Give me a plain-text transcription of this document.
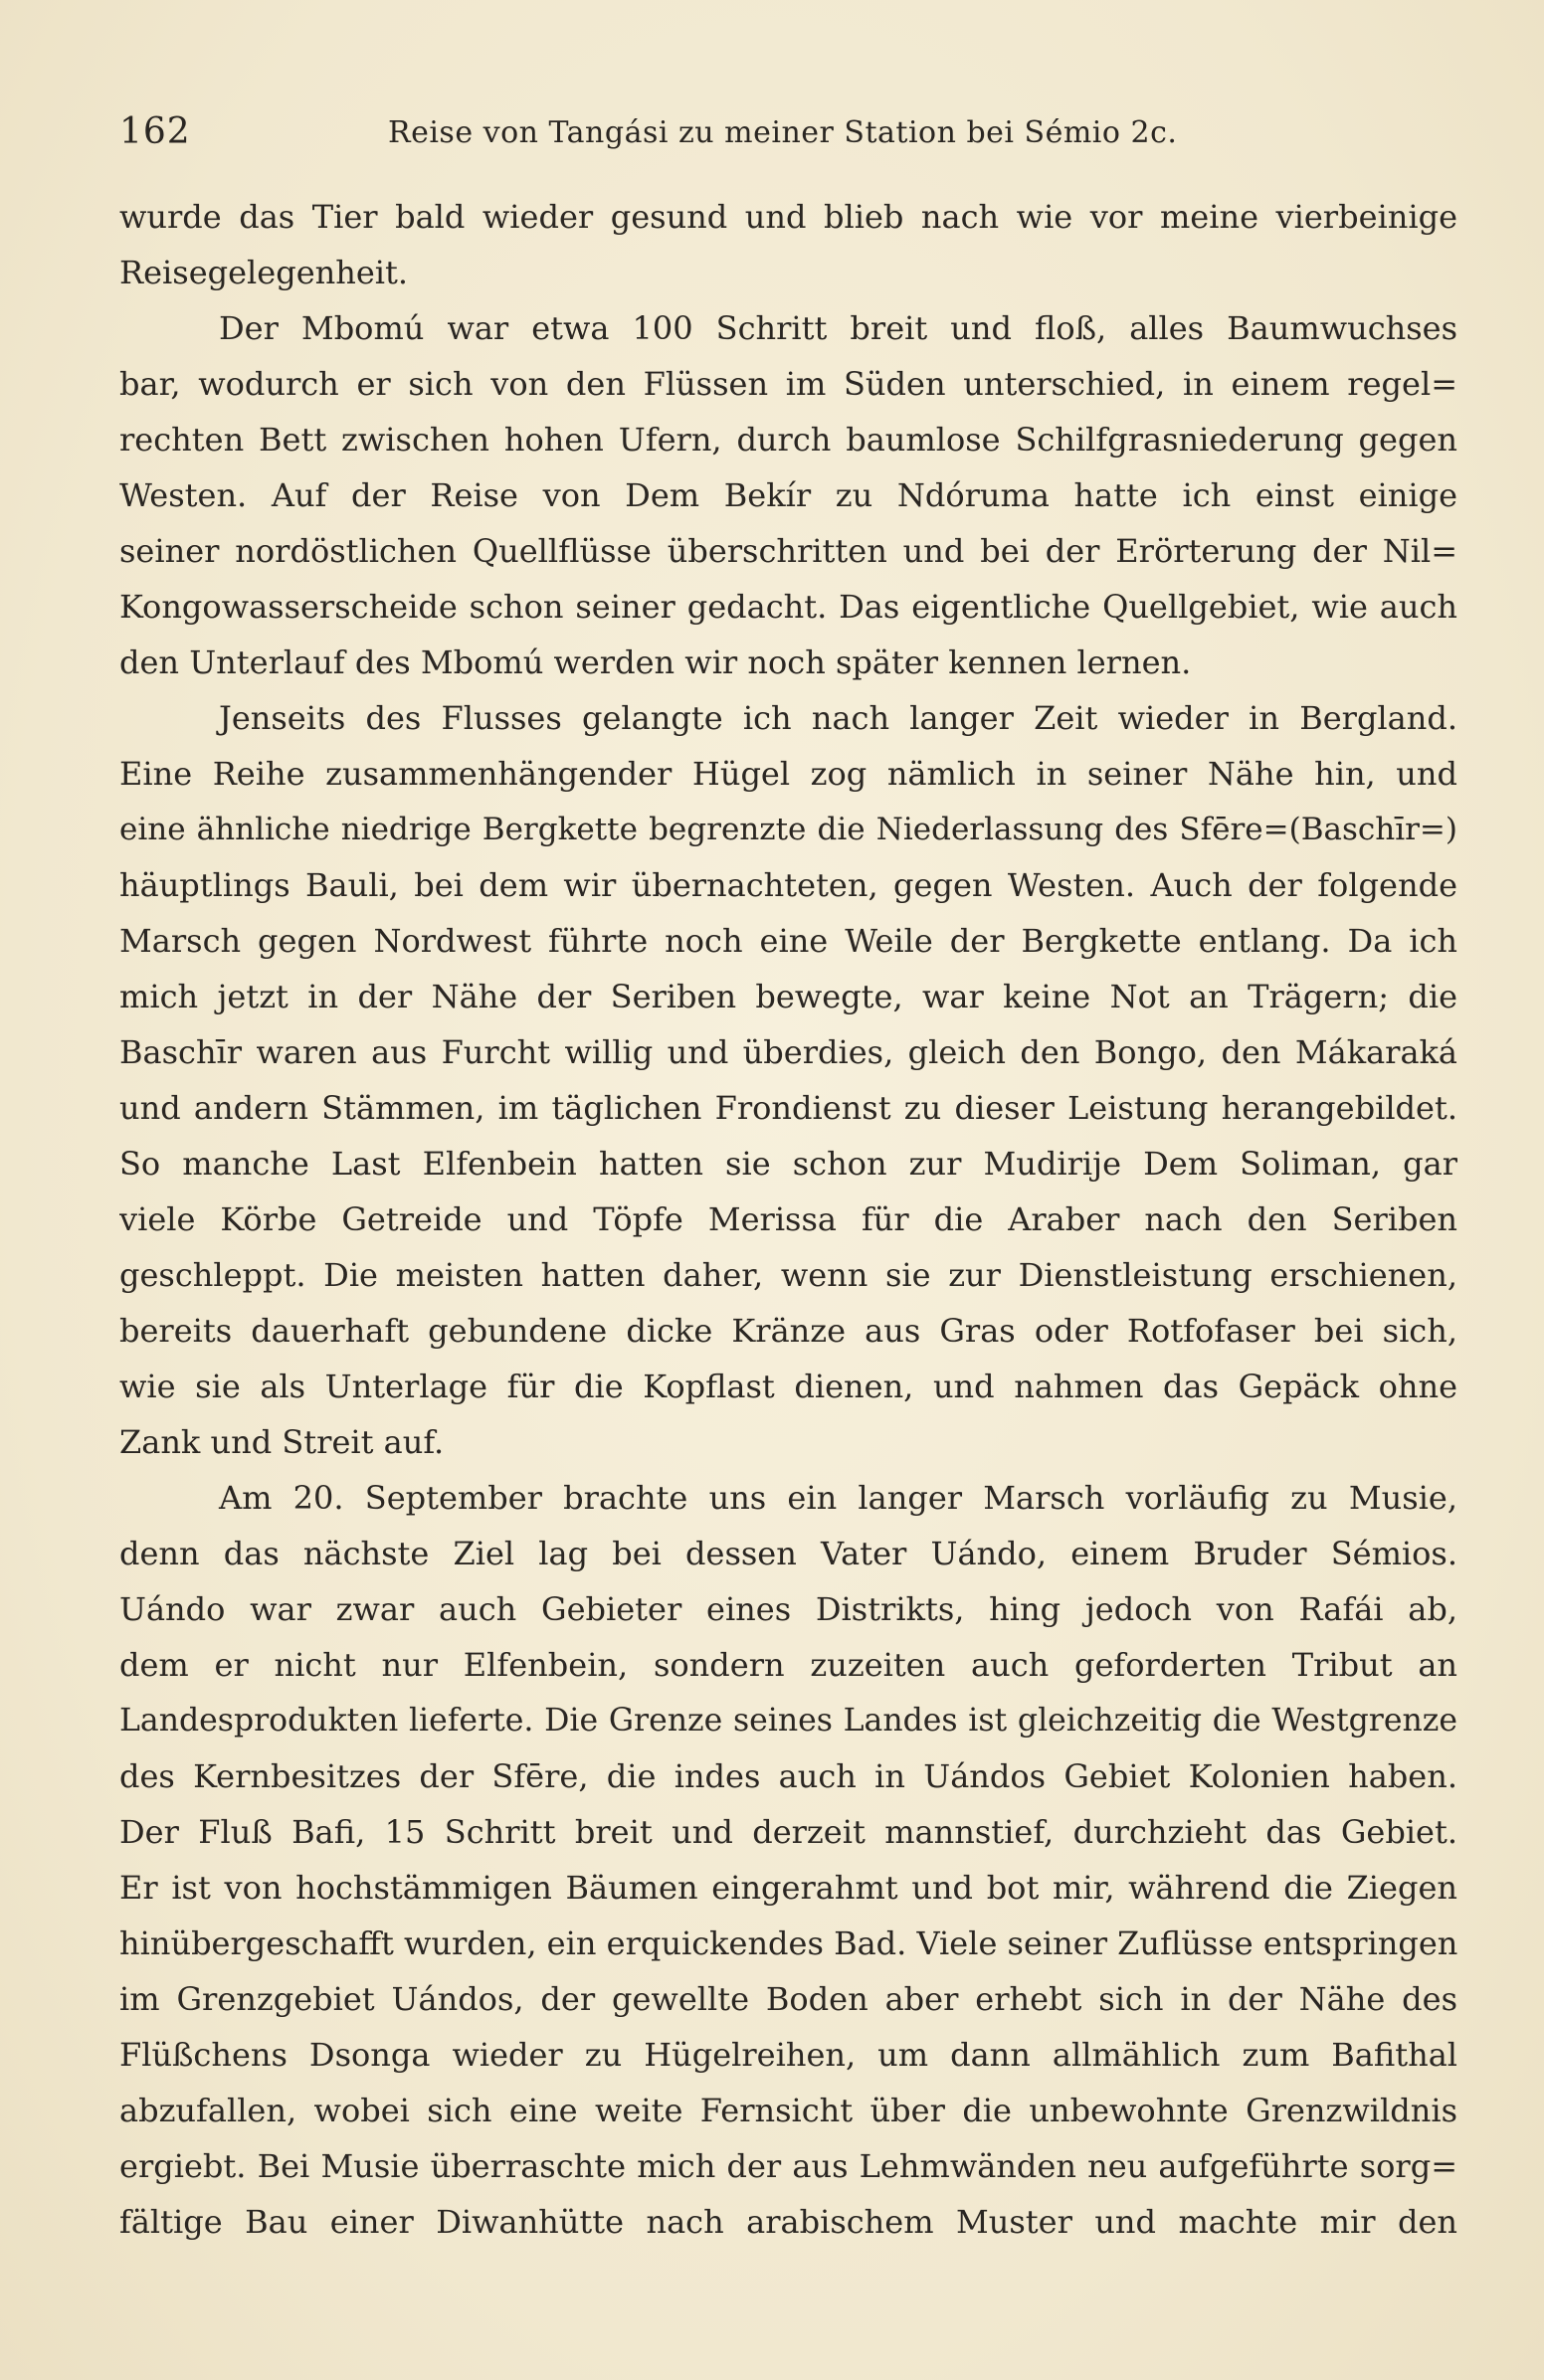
162	Reise von Tangási zu meiner Station bei Sémio 2c.
wurde das Tier bald wieder gesund und blieb nach wie vor meine vierbeinige
Reisegelegenheit.
Der Mbomú war etwa 100 Schritt breit und floß, alles Baumwuchses
bar, wodurch er sich von den Flüssen im Süden unterschied, in einem regel=
rechten Bett zwischen hohen Ufern, durch baumlose Schilfgrasniederung gegen
Westen. Auf der Reise von Dem Bekír zu Ndóruma hatte ich einst einige
seiner nordöstlichen Quellflüsse überschritten und bei der Erörterung der Nil=
Kongowasserscheide schon seiner gedacht. Das eigentliche Quellgebiet, wie auch
den Unterlauf des Mbomú werden wir noch später kennen lernen.
Jenseits des Flusses gelangte ich nach langer Zeit wieder in Bergland.
Eine Reihe zusammenhängender Hügel zog nämlich in seiner Nähe hin, und
eine ähnliche niedrige Bergkette begrenzte die Niederlassung des Sfēre=(Baschīr=)
häuptlings Bauli, bei dem wir übernachteten, gegen Westen. Auch der folgende
Marsch gegen Nordwest führte noch eine Weile der Bergkette entlang. Da ich
mich jetzt in der Nähe der Seriben bewegte, war keine Not an Trägern; die
Baschīr waren aus Furcht willig und überdies, gleich den Bongo, den Mákaraká
und andern Stämmen, im täglichen Frondienst zu dieser Leistung herangebildet.
So manche Last Elfenbein hatten sie schon zur Mudirije Dem Soliman, gar
viele Körbe Getreide und Töpfe Merissa für die Araber nach den Seriben
geschleppt. Die meisten hatten daher, wenn sie zur Dienstleistung erschienen,
bereits dauerhaft gebundene dicke Kränze aus Gras oder Rotfofaser bei sich,
wie sie als Unterlage für die Kopflast dienen, und nahmen das Gepäck ohne
Zank und Streit auf.
Am 20. September brachte uns ein langer Marsch vorläufig zu Musie,
denn das nächste Ziel lag bei dessen Vater Uándo, einem Bruder Sémios.
Uándo war zwar auch Gebieter eines Distrikts, hing jedoch von Rafái ab,
dem er nicht nur Elfenbein, sondern zuzeiten auch geforderten Tribut an
Landesprodukten lieferte. Die Grenze seines Landes ist gleichzeitig die Westgrenze
des Kernbesitzes der Sfēre, die indes auch in Uándos Gebiet Kolonien haben.
Der Fluß Bafi, 15 Schritt breit und derzeit mannstief, durchzieht das Gebiet.
Er ist von hochstämmigen Bäumen eingerahmt und bot mir, während die Ziegen
hinübergeschafft wurden, ein erquickendes Bad. Viele seiner Zuflüsse entspringen
im Grenzgebiet Uándos, der gewellte Boden aber erhebt sich in der Nähe des
Flüßchens Dsonga wieder zu Hügelreihen, um dann allmählich zum Bafithal
abzufallen, wobei sich eine weite Fernsicht über die unbewohnte Grenzwildnis
ergiebt. Bei Musie überraschte mich der aus Lehmwänden neu aufgeführte sorg=
fältige Bau einer Diwanhütte nach arabischem Muster und machte mir den
